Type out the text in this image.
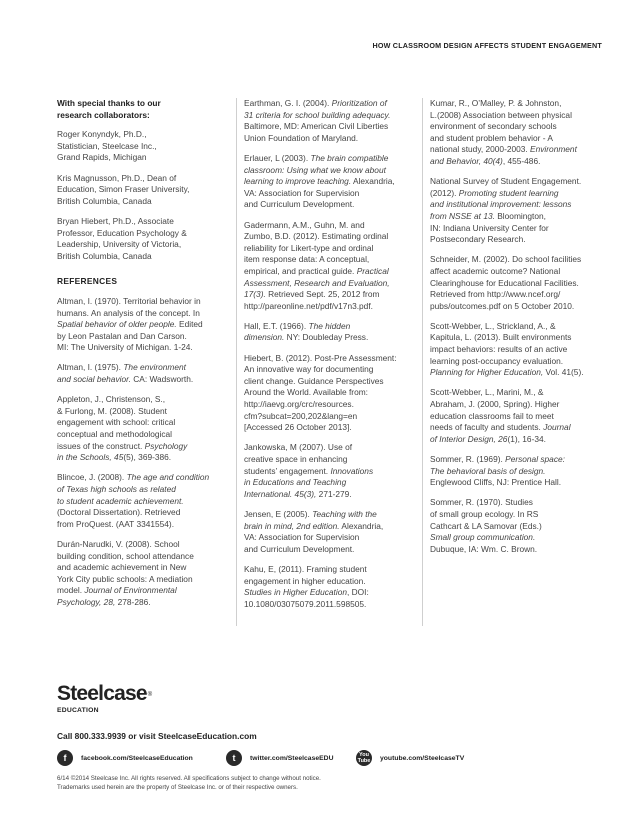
HOW CLASSROOM DESIGN AFFECTS STUDENT ENGAGEMENT

With special thanks to our
research collaborators:

Roger Konyndyk, Ph.D.,
Statistician, Steelcase Inc.,
Grand Rapids, Michigan

Kris Magnusson, Ph.D., Dean of
Education, Simon Fraser University,
British Columbia, Canada

Bryan Hiebert, Ph.D., Associate
Professor, Education Psychology &
Leadership, University of Victoria,
British Columbia, Canada

REFERENCES

Altman, I. (1970). Territorial behavior in
humans. An analysis of the concept. In
Spatial behavior of older people. Edited
by Leon Pastalan and Dan Carson.
MI: The University of Michigan. 1-24.

Altman, I. (1975). The environment
and social behavior. CA: Wadsworth.

Appleton, J., Christenson, S.,
& Furlong, M. (2008). Student
engagement with school: critical
conceptual and methodological
issues of the construct. Psychology
in the Schools, 45(5), 369-386.

Blincoe, J. (2008). The age and condition
of Texas high schools as related
to student academic achievement.
(Doctoral Dissertation). Retrieved
from ProQuest. (AAT 3341554).

Durán-Narudki, V. (2008). School
building condition, school attendance
and academic achievement in New
York City public schools: A mediation
model. Journal of Environmental
Psychology, 28, 278-286.

Earthman, G. I. (2004). Prioritization of
31 criteria for school building adequacy.
Baltimore, MD: American Civil Liberties
Union Foundation of Maryland.

Erlauer, L (2003). The brain compatible
classroom: Using what we know about
learning to improve teaching. Alexandria,
VA: Association for Supervision
and Curriculum Development.

Gadermann, A.M., Guhn, M. and
Zumbo, B.D. (2012). Estimating ordinal
reliability for Likert-type and ordinal
item response data: A conceptual,
empirical, and practical guide. Practical
Assessment, Research and Evaluation,
17(3). Retrieved Sept. 25, 2012 from
http://pareonline.net/pdf/v17n3.pdf.

Hall, E.T. (1966). The hidden
dimension. NY: Doubleday Press.

Hiebert, B. (2012). Post-Pre Assessment:
An innovative way for documenting
client change. Guidance Perspectives
Around the World. Available from:
http://iaevg.org/crc/resources.
cfm?subcat=200,202&lang=en
[Accessed 26 October 2013].

Jankowska, M (2007). Use of
creative space in enhancing
students’ engagement. Innovations
in Educations and Teaching
International. 45(3), 271-279.

Jensen, E (2005). Teaching with the
brain in mind, 2nd edition. Alexandria,
VA: Association for Supervision
and Curriculum Development.

Kahu, E, (2011). Framing student
engagement in higher education.
Studies in Higher Education, DOI:
10.1080/03075079.2011.598505.

Kumar, R., O’Malley, P. & Johnston,
L.(2008) Association between physical
environment of secondary schools
and student problem behavior - A
national study, 2000-2003. Environment
and Behavior, 40(4), 455-486.

National Survey of Student Engagement.
(2012). Promoting student learning
and institutional improvement: lessons
from NSSE at 13. Bloomington,
IN: Indiana University Center for
Postsecondary Research.

Schneider, M. (2002). Do school facilities
affect academic outcome? National
Clearinghouse for Educational Facilities.
Retrieved from http://www.ncef.org/
pubs/outcomes.pdf on 5 October 2010.

Scott-Webber, L., Strickland, A., &
Kapitula, L. (2013). Built environments
impact behaviors: results of an active
learning post-occupancy evaluation.
Planning for Higher Education, Vol. 41(5).

Scott-Webber, L., Marini, M., &
Abraham, J. (2000, Spring). Higher
education classrooms fail to meet
needs of faculty and students. Journal
of Interior Design, 26(1), 16-34.

Sommer, R. (1969). Personal space:
The behavioral basis of design.
Englewood Cliffs, NJ: Prentice Hall.

Sommer, R. (1970). Studies
of small group ecology. In RS
Cathcart & LA Samovar (Eds.)
Small group communication.
Dubuque, IA: Wm. C. Brown.

Steelcase®
EDUCATION
Call 800.333.9939 or visit SteelcaseEducation.com
f	facebook.com/SteelcaseEducation	t	twitter.com/SteelcaseEDU	You Tube youtube.com/SteelcaseTV
6/14 ©2014 Steelcase Inc. All rights reserved. All specifications subject to change without notice.
Trademarks used herein are the property of Steelcase Inc. or of their respective owners.
